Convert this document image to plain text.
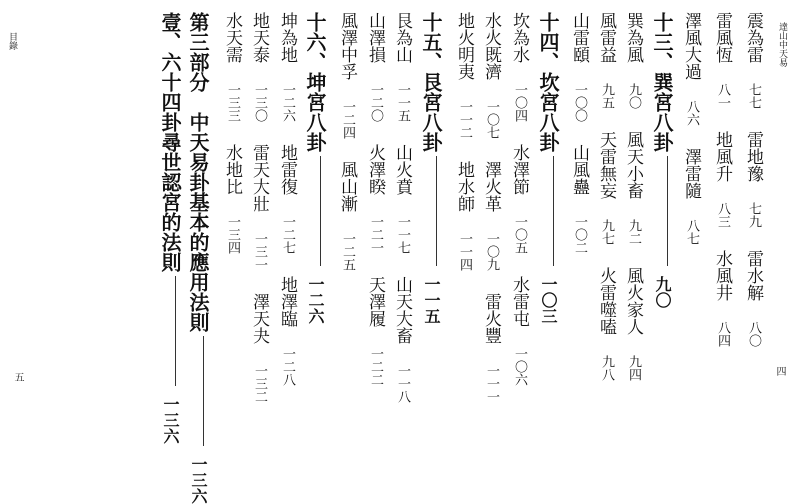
達山中天易
目錄
四
五
震為雷七七雷地豫七九雷水解八〇
雷風恆八一地風升八三水風井八四
澤風大過八六澤雷隨八七
十三、巽宮八卦九〇
巽為風九〇風天小畜九二風火家人九四
風雷益九五天雷無妄九七火雷噬嗑九八
山雷頤一〇〇山風蠱一〇二
十四、坎宮八卦一〇三
坎為水一〇四水澤節一〇五水雷屯一〇六
水火既濟一〇七澤火革一〇九雷火豐一一一
地火明夷一一二地水師一一四
十五、艮宮八卦一一五
艮為山一一五山火賁一一七山天大畜一一八
山澤損一二〇火澤睽一二一天澤履一二二
風澤中孚一二四風山漸一二五
十六、坤宮八卦一二六
坤為地一二六地雷復一二七地澤臨一二八
地天泰一三〇雷天大壯一三一澤天夬一三二
水天需一三三水地比一三四
第三部分　中天易卦基本的應用法則一三六
壹、六十四卦尋世認宮的法則一三六
